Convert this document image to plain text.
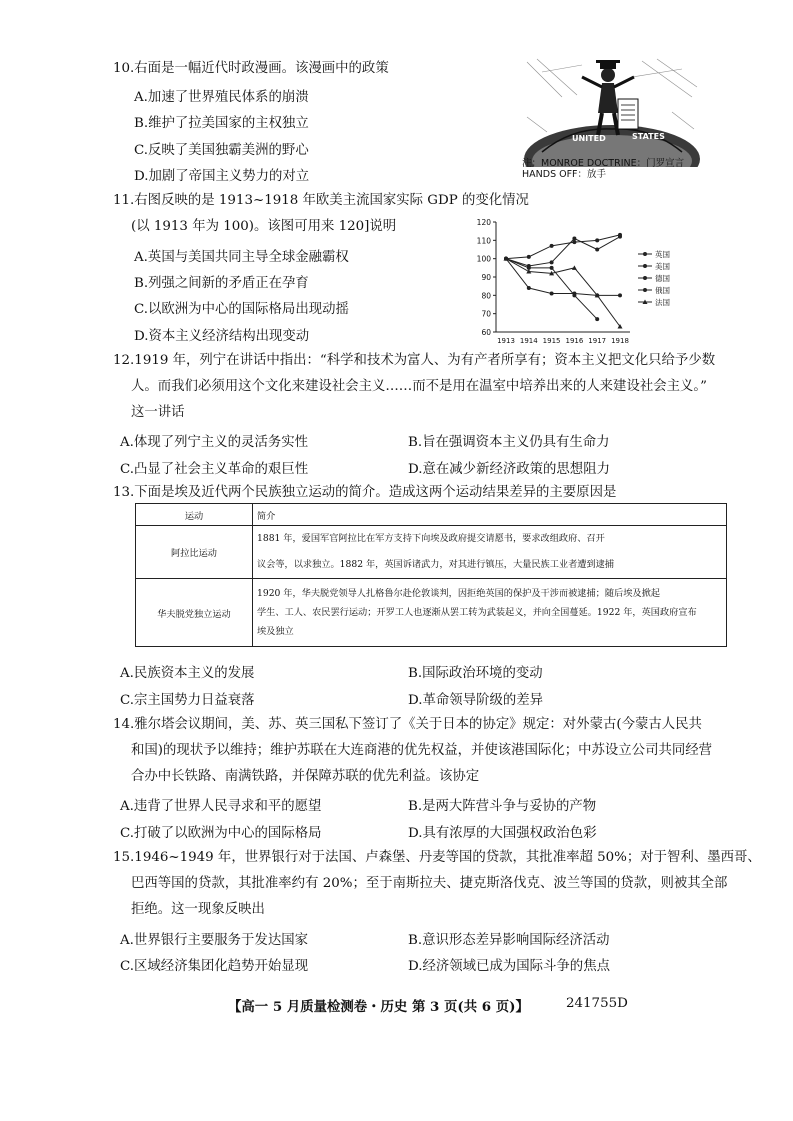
10.右面是一幅近代时政漫画。该漫画中的政策
A.加速了世界殖民体系的崩溃
B.维护了拉美国家的主权独立
C.反映了美国独霸美洲的野心
D.加剧了帝国主义势力的对立
UNITED	STATES
注：MONROE DOCTRINE：门罗宣言
HANDS OFF：放手
11.右图反映的是 1913~1918 年欧美主流国家实际 GDP 的变化情况
(以 1913 年为 100)。该图可用来 120]说明
A.英国与美国共同主导全球金融霸权
B.列强之间新的矛盾正在孕育
C.以欧洲为中心的国际格局出现动摇
D.资本主义经济结构出现变动	60
70
80
90
100
110
120
1913 1914 1915 1916 1917 1918
英国
美国
德国
俄国
法国
12.1919 年，列宁在讲话中指出：“科学和技术为富人、为有产者所享有；资本主义把文化只给予少数
人。而我们必须用这个文化来建设社会主义……而不是用在温室中培养出来的人来建设社会主义。”
这一讲话
A.体现了列宁主义的灵活务实性	B.旨在强调资本主义仍具有生命力
C.凸显了社会主义革命的艰巨性	D.意在减少新经济政策的思想阻力
13.下面是埃及近代两个民族独立运动的简介。造成这两个运动结果差异的主要原因是
运动	简介
阿拉比运动	1881 年，爱国军官阿拉比在军方支持下向埃及政府提交请愿书，要求改组政府、召开
议会等，以求独立。1882 年，英国诉诸武力，对其进行镇压，大量民族工业者遭到逮捕

华夫脱党独立运动	1920 年，华夫脱党领导人扎格鲁尔赴伦敦谈判，因拒绝英国的保护及干涉而被逮捕；随后埃及掀起
学生、工人、农民罢行运动；开罗工人也逐渐从罢工转为武装起义，并向全国蔓延。1922 年，英国政府宣布
埃及独立
A.民族资本主义的发展	B.国际政治环境的变动
C.宗主国势力日益衰落	D.革命领导阶级的差异
14.雅尔塔会议期间，美、苏、英三国私下签订了《关于日本的协定》规定：对外蒙古(今蒙古人民共
和国)的现状予以维持；维护苏联在大连商港的优先权益，并使该港国际化；中苏设立公司共同经营
合办中长铁路、南满铁路，并保障苏联的优先利益。该协定
A.违背了世界人民寻求和平的愿望	B.是两大阵营斗争与妥协的产物
C.打破了以欧洲为中心的国际格局	D.具有浓厚的大国强权政治色彩
15.1946~1949 年，世界银行对于法国、卢森堡、丹麦等国的贷款，其批准率超 50%；对于智利、墨西哥、
巴西等国的贷款，其批准率约有 20%；至于南斯拉夫、捷克斯洛伐克、波兰等国的贷款，则被其全部
拒绝。这一现象反映出
A.世界银行主要服务于发达国家	B.意识形态差异影响国际经济活动
C.区域经济集团化趋势开始显现	D.经济领域已成为国际斗争的焦点
【高一 5 月质量检测卷・历史 第 3 页(共 6 页)】	241755D
